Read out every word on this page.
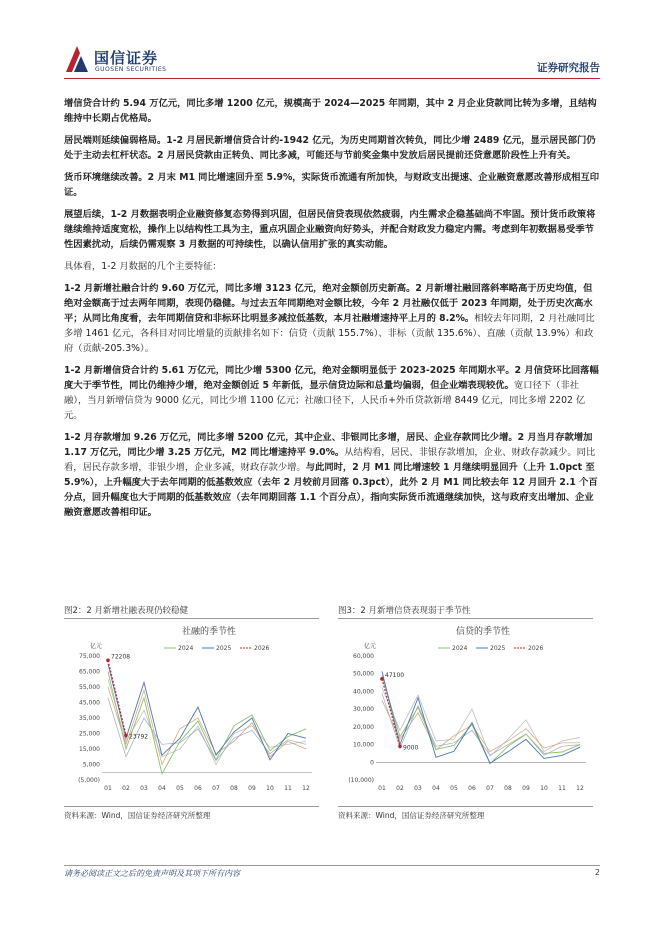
国信证券
GUOSEN SECURITIES	证券研究报告

增信贷合计约 5.94 万亿元，同比多增 1200 亿元，规模高于 2024—2025 年同期，其中 2 月企业贷款同比转为多增，且结构维持中长期占优格局。

居民端则延续偏弱格局。1-2 月居民新增信贷合计约-1942 亿元，为历史同期首次转负，同比少增 2489 亿元，显示居民部门仍处于主动去杠杆状态。2 月居民贷款由正转负、同比多减，可能还与节前奖金集中发放后居民提前还贷意愿阶段性上升有关。

货币环境继续改善。2 月末 M1 同比增速回升至 5.9%，实际货币流通有所加快，与财政支出提速、企业融资意愿改善形成相互印证。

展望后续，1-2 月数据表明企业融资修复态势得到巩固，但居民信贷表现依然疲弱，内生需求企稳基础尚不牢固。预计货币政策将继续维持适度宽松，操作上以结构性工具为主，重点巩固企业融资向好势头，并配合财政发力稳定内需。考虑到年初数据易受季节性因素扰动，后续仍需观察 3 月数据的可持续性，以确认信用扩张的真实动能。

具体看，1-2 月数据的几个主要特征：

1-2 月新增社融合计约 9.60 万亿元，同比多增 3123 亿元，绝对金额创历史新高。2 月新增社融回落斜率略高于历史均值，但绝对金额高于过去两年同期，表现仍稳健。与过去五年同期绝对金额比较，今年 2 月社融仅低于 2023 年同期，处于历史次高水平；从同比角度看，去年同期信贷和非标环比明显多减拉低基数，本月社融增速持平上月的 8.2%。相较去年同期，2 月社融同比多增 1461 亿元，各科目对同比增量的贡献排名如下：信贷（贡献 155.7%）、非标（贡献 135.6%）、直融（贡献 13.9%）和政府（贡献-205.3%）。

1-2 月新增信贷合计约 5.61 万亿元，同比少增 5300 亿元，绝对金额明显低于 2023-2025 年同期水平。2 月信贷环比回落幅度大于季节性，同比仍维持少增，绝对金额创近 5 年新低，显示信贷边际和总量均偏弱，但企业端表现较优。宽口径下（非社融），当月新增信贷为 9000 亿元，同比少增 1100 亿元；社融口径下，人民币+外币贷款新增 8449 亿元，同比多增 2202 亿元。

1-2 月存款增加 9.26 万亿元，同比多增 5200 亿元，其中企业、非银同比多增，居民、企业存款同比少增。2 月当月存款增加 1.17 万亿元，同比少增 3.25 万亿元，M2 同比增速持平 9.0%。从结构看，居民、非银存款增加，企业、财政存款减少。同比看，居民存款多增，非银少增，企业多减，财政存款少增。与此同时，2 月 M1 同比增速较 1 月继续明显回升（上升 1.0pct 至 5.9%），上升幅度大于去年同期的低基数效应（去年 2 月较前月回落 0.3pct），此外 2 月 M1 同比较去年 12 月回升 2.1 个百分点，回升幅度也大于同期的低基数效应（去年同期回落 1.1 个百分点），指向实际货币流通继续加快，这与政府支出增加、企业融资意愿改善相印证。

图2：2 月新增社融表现仍较稳健
社融的季节性
亿元	2024	2025	2026
75,000
65,000
55,000
45,000
35,000
25,000
15,000
5,000
(5,000)
01 02 03 04 05 06 07 08 09 10 11 12
72208
23792
资料来源：Wind，国信证券经济研究所整理
图3：2 月新增信贷表现弱于季节性
信贷的季节性
亿元	2024	2025	2026
60,000
50,000
40,000
30,000
20,000
10,000
0
(10,000)
01 02 03 04 05 06 07 08 09 10 11 12
47100
9000
资料来源：Wind，国信证券经济研究所整理
请务必阅读正文之后的免责声明及其项下所有内容	2
